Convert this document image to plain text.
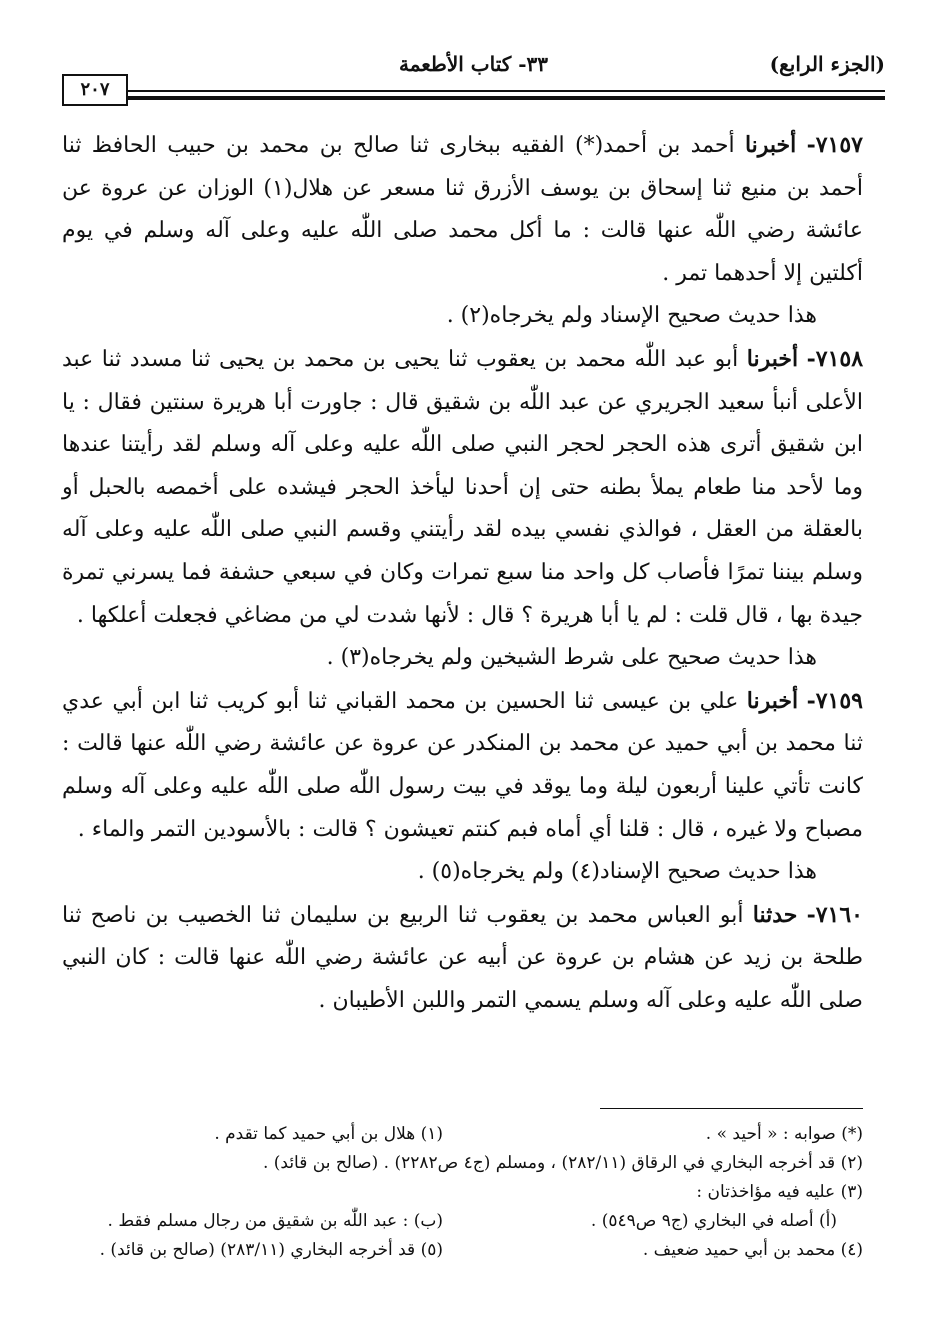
(الجزء الرابع)
٣٣- كتاب الأطعمة
٢٠٧

٧١٥٧- أخبرنا أحمد بن أحمد(*) الفقيه ببخارى ثنا صالح بن محمد بن حبيب الحافظ ثنا أحمد بن منيع ثنا إسحاق بن يوسف الأزرق ثنا مسعر عن هلال(١) الوزان عن عروة عن عائشة رضي اللّٰه عنها قالت : ما أكل محمد صلى اللّٰه عليه وعلى آله وسلم في يوم أكلتين إلا أحدهما تمر .

هذا حديث صحيح الإسناد ولم يخرجاه(٢) .

٧١٥٨- أخبرنا أبو عبد اللّٰه محمد بن يعقوب ثنا يحيى بن محمد بن يحيى ثنا مسدد ثنا عبد الأعلى أنبأ سعيد الجريري عن عبد اللّٰه بن شقيق قال : جاورت أبا هريرة سنتين فقال : يا ابن شقيق أترى هذه الحجر لحجر النبي صلى اللّٰه عليه وعلى آله وسلم لقد رأيتنا عندها وما لأحد منا طعام يملأ بطنه حتى إن أحدنا ليأخذ الحجر فيشده على أخمصه بالحبل أو بالعقلة من العقل ، فوالذي نفسي بيده لقد رأيتني وقسم النبي صلى اللّٰه عليه وعلى آله وسلم بيننا تمرًا فأصاب كل واحد منا سبع تمرات وكان في سبعي حشفة فما يسرني تمرة جيدة بها ، قال قلت : لم يا أبا هريرة ؟ قال : لأنها شدت لي من مضاغي فجعلت أعلكها .

هذا حديث صحيح على شرط الشيخين ولم يخرجاه(٣) .

٧١٥٩- أخبرنا علي بن عيسى ثنا الحسين بن محمد القباني ثنا أبو كريب ثنا ابن أبي عدي ثنا محمد بن أبي حميد عن محمد بن المنكدر عن عروة عن عائشة رضي اللّٰه عنها قالت : كانت تأتي علينا أربعون ليلة وما يوقد في بيت رسول اللّٰه صلى اللّٰه عليه وعلى آله وسلم مصباح ولا غيره ، قال : قلنا أي أماه فبم كنتم تعيشون ؟ قالت : بالأسودين التمر والماء .

هذا حديث صحيح الإسناد(٤) ولم يخرجاه(٥) .

٧١٦٠- حدثنا أبو العباس محمد بن يعقوب ثنا الربيع بن سليمان ثنا الخصيب بن ناصح ثنا طلحة بن زيد عن هشام بن عروة عن أبيه عن عائشة رضي اللّٰه عنها قالت : كان النبي صلى اللّٰه عليه وعلى آله وسلم يسمي التمر واللبن الأطيبان .

(*) صوابه : « أحيد » .
(١) هلال بن أبي حميد كما تقدم .
(٢) قد أخرجه البخاري في الرقاق (٢٨٢/١١) ، ومسلم (ج٤ ص٢٢٨٢) . (صالح بن قائد) .
(٣) عليه فيه مؤاخذتان :
(أ) أصله في البخاري (ج٩ ص٥٤٩) .
(ب) : عبد اللّٰه بن شقيق من رجال مسلم فقط .
(٤) محمد بن أبي حميد ضعيف .
(٥) قد أخرجه البخاري (٢٨٣/١١) (صالح بن قائد) .
